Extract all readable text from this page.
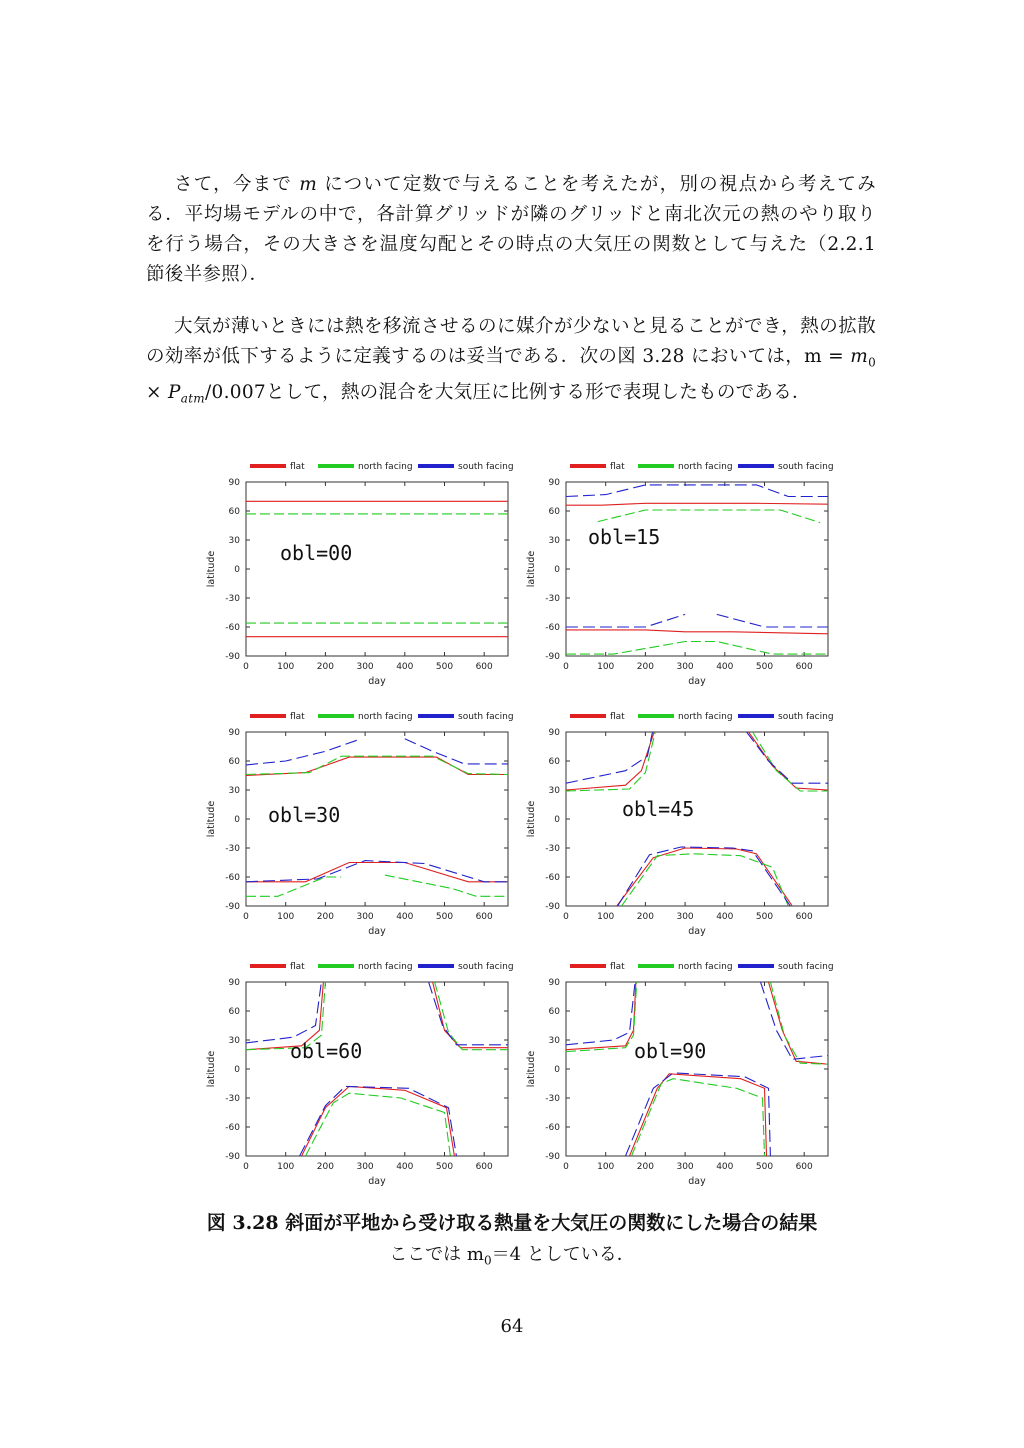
さて，今まで m について定数で与えることを考えたが，別の視点から考えてみる．平均場モデルの中で，各計算グリッドが隣のグリッドと南北次元の熱のやり取りを行う場合，その大きさを温度勾配とその時点の大気圧の関数として与えた（2.2.1 節後半参照）．

大気が薄いときには熱を移流させるのに媒介が少ないと見ることができ，熱の拡散の効率が低下するように定義するのは妥当である．次の図 3.28 においては，$m = m_0 \times P_{atm}/0.007$として，熱の混合を大気圧に比例する形で表現したものである．

flat	north facing	south facing
0	100	200	300	400	500	600
90
60
30
0
-30
-60
-90
day
latitude	obl=00
flat	north facing	south facing
0	100	200	300	400	500	600
90
60
30
0
-30
-60
-90
day
latitude
obl=15
flat	north facing	south facing
0	100	200	300	400	500	600
90
60
30
0
-30
-60
-90
day
latitude	obl=30
flat	north facing	south facing
0	100	200	300	400	500	600
90
60
30
0
-30
-60
-90
day
latitude	obl=45
flat	north facing	south facing
0	100	200	300	400	500	600
90
60
30
0
-30
-60
-90
day
latitude	obl=60
flat	north facing	south facing
0	100	200	300	400	500	600
90
60
30
0
-30
-60
-90
day
latitude	obl=90

図 3.28 斜面が平地から受け取る熱量を大気圧の関数にした場合の結果

ここでは $m_0=4$ としている．

64
